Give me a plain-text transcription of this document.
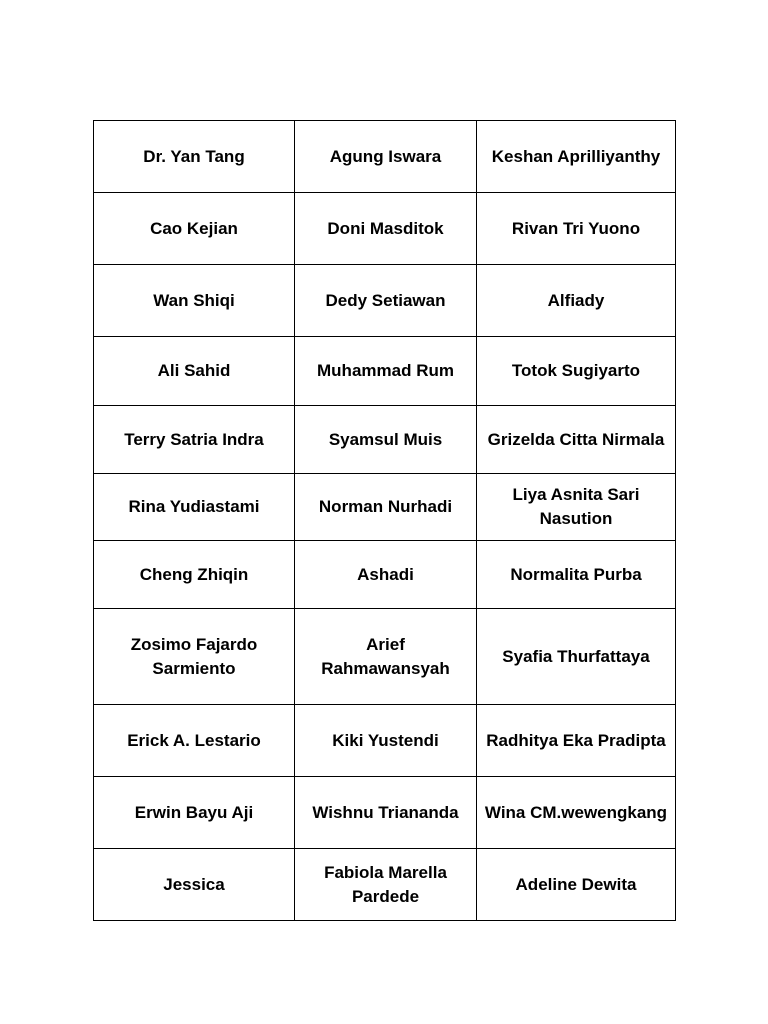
Dr. Yan Tang	Agung Iswara	Keshan Aprilliyanthy
Cao Kejian	Doni Masditok	Rivan Tri Yuono
Wan Shiqi	Dedy Setiawan	Alfiady
Ali Sahid	Muhammad Rum	Totok Sugiyarto
Terry Satria Indra	Syamsul Muis	Grizelda Citta Nirmala
Rina Yudiastami	Norman Nurhadi	Liya Asnita Sari Nasution
Cheng Zhiqin	Ashadi	Normalita Purba
Zosimo Fajardo Sarmiento	Arief Rahmawansyah	Syafia Thurfattaya
Erick A. Lestario	Kiki Yustendi	Radhitya Eka Pradipta
Erwin Bayu Aji	Wishnu Triananda	Wina CM.wewengkang
Jessica	Fabiola Marella Pardede	Adeline Dewita
